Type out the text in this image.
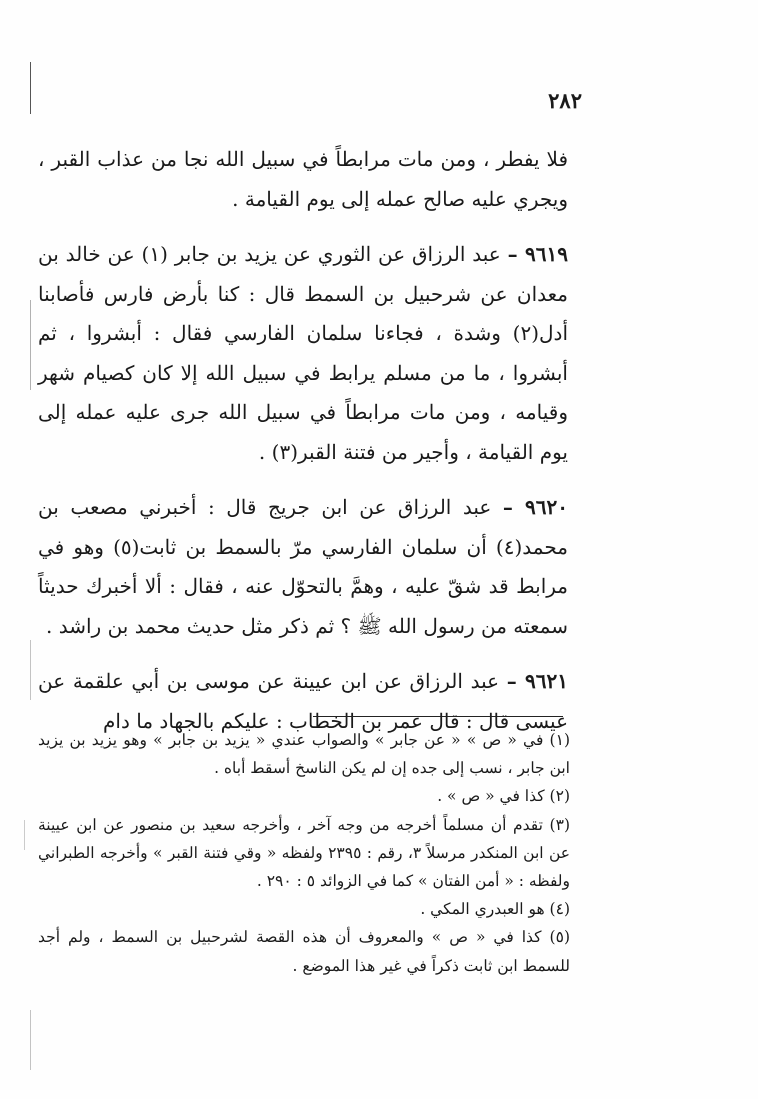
٢٨٢

فلا يفطر ، ومن مات مرابطاً في سبيل الله نجا من عذاب القبر ، ويجري عليه صالح عمله إلى يوم القيامة .

٩٦١٩ – عبد الرزاق عن الثوري عن يزيد بن جابر (١) عن خالد بن معدان عن شرحبيل بن السمط قال : كنا بأرض فارس فأصابنا أدل(٢) وشدة ، فجاءنا سلمان الفارسي فقال : أبشروا ، ثم أبشروا ، ما من مسلم يرابط في سبيل الله إلا كان كصيام شهر وقيامه ، ومن مات مرابطاً في سبيل الله جرى عليه عمله إلى يوم القيامة ، وأجير من فتنة القبر(٣) .

٩٦٢٠ – عبد الرزاق عن ابن جريج قال : أخبرني مصعب بن محمد(٤) أن سلمان الفارسي مرّ بالسمط بن ثابت(٥) وهو في مرابط قد شقّ عليه ، وهمَّ بالتحوّل عنه ، فقال : ألا أخبرك حديثاً سمعته من رسول الله ﷺ ؟ ثم ذكر مثل حديث محمد بن راشد .

٩٦٢١ – عبد الرزاق عن ابن عيينة عن موسى بن أبي علقمة عن عيسى قال : قال عمر بن الخطاب : عليكم بالجهاد ما دام

(١) في « ص » « عن جابر » والصواب عندي « يزيد بن جابر » وهو يزيد بن يزيد ابن جابر ، نسب إلى جده إن لم يكن الناسخ أسقط أباه .

(٢) كذا في « ص » .

(٣) تقدم أن مسلماً أخرجه من وجه آخر ، وأخرجه سعيد بن منصور عن ابن عيينة عن ابن المنكدر مرسلاً ٣، رقم : ٢٣٩٥ ولفظه « وقي فتنة القبر » وأخرجه الطبراني ولفظه : « أمن الفتان » كما في الزوائد ٥ : ٢٩٠ .

(٤) هو العبدري المكي .

(٥) كذا في « ص » والمعروف أن هذه القصة لشرحبيل بن السمط ، ولم أجد للسمط ابن ثابت ذكراً في غير هذا الموضع .
